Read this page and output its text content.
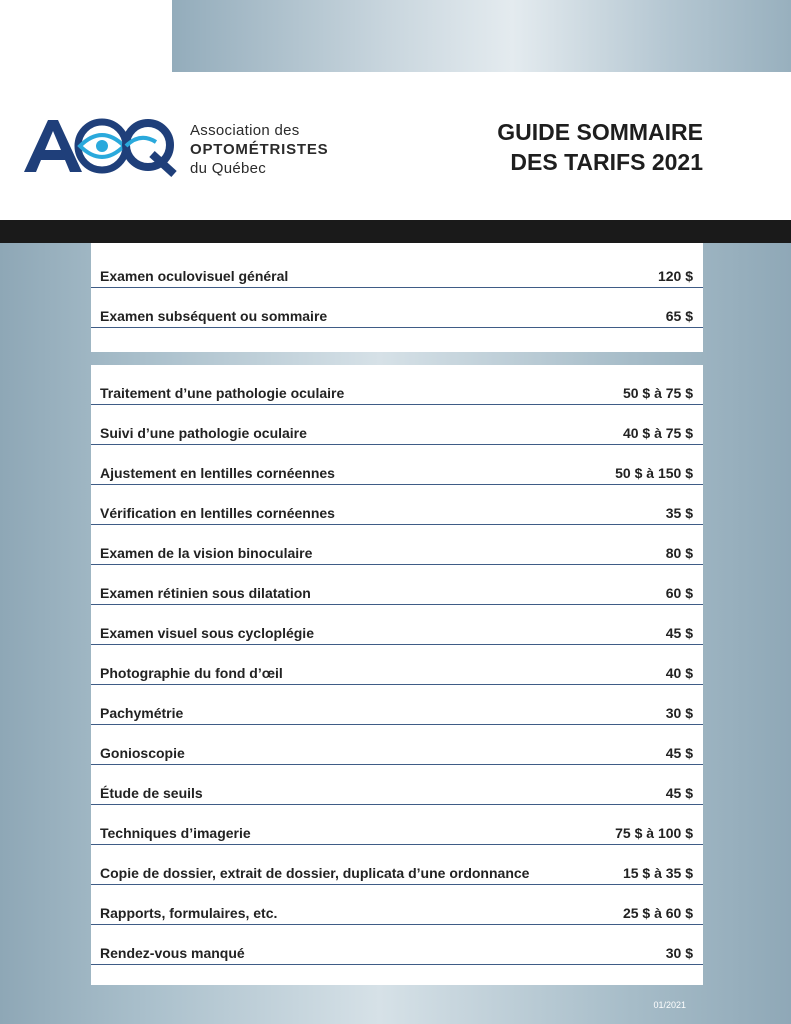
Association des
OPTOMÉTRISTES
du Québec
GUIDE SOMMAIRE
DES TARIFS 2021
Examen oculovisuel général	120 $
Examen subséquent ou sommaire	65 $
Traitement d’une pathologie oculaire	50 $ à 75 $
Suivi d’une pathologie oculaire	40 $ à 75 $
Ajustement en lentilles cornéennes	50 $ à 150 $
Vérification en lentilles cornéennes	35 $
Examen de la vision binoculaire	80 $
Examen rétinien sous dilatation	60 $
Examen visuel sous cycloplégie	45 $
Photographie du fond d’œil	40 $
Pachymétrie	30 $
Gonioscopie	45 $
Étude de seuils	45 $
Techniques d’imagerie	75 $ à 100 $
Copie de dossier, extrait de dossier, duplicata d’une ordonnance	15 $ à 35 $
Rapports, formulaires, etc.	25 $ à 60 $
Rendez-vous manqué	30 $
01/2021
